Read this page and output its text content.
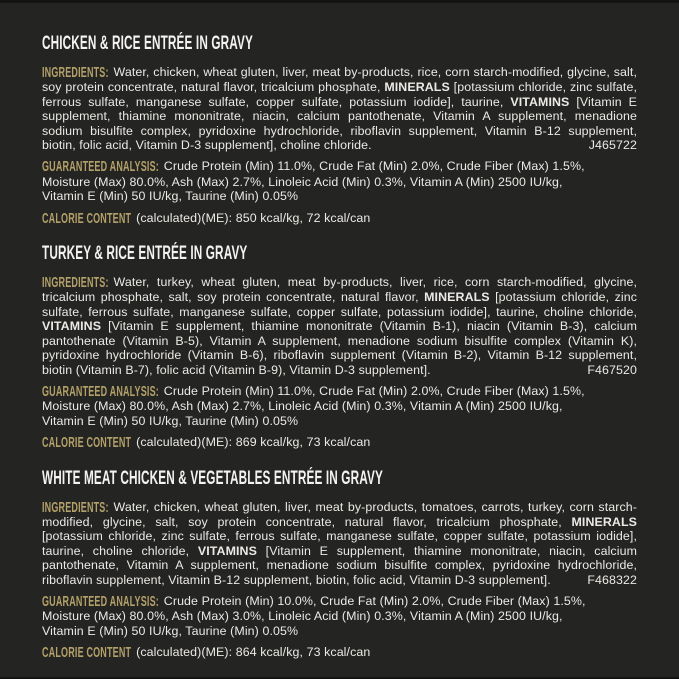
CHICKEN & RICE ENTRÉE IN GRAVY

INGREDIENTS: Water, chicken, wheat gluten, liver, meat by-products, rice, corn starch-modified, glycine, salt, soy protein concentrate, natural flavor, tricalcium phosphate, MINERALS [potassium chloride, zinc sulfate, ferrous sulfate, manganese sulfate, copper sulfate, potassium iodide], taurine, VITAMINS [Vitamin E supplement, thiamine mononitrate, niacin, calcium pantothenate, Vitamin A supplement, menadione sodium bisulfite complex, pyridoxine hydrochloride, riboflavin supplement, Vitamin B-12 supplement, biotin, folic acid, Vitamin D-3 supplement], choline chloride.	J465722

GUARANTEED ANALYSIS: Crude Protein (Min) 11.0%, Crude Fat (Min) 2.0%, Crude Fiber (Max) 1.5%,
Moisture (Max) 80.0%, Ash (Max) 2.7%, Linoleic Acid (Min) 0.3%, Vitamin A (Min) 2500 IU/kg,
Vitamin E (Min) 50 IU/kg, Taurine (Min) 0.05%

CALORIE CONTENT (calculated)(ME): 850 kcal/kg, 72 kcal/can

TURKEY & RICE ENTRÉE IN GRAVY

INGREDIENTS: Water, turkey, wheat gluten, meat by-products, liver, rice, corn starch-modified, glycine, tricalcium phosphate, salt, soy protein concentrate, natural flavor, MINERALS [potassium chloride, zinc sulfate, ferrous sulfate, manganese sulfate, copper sulfate, potassium iodide], taurine, choline chloride, VITAMINS [Vitamin E supplement, thiamine mononitrate (Vitamin B-1), niacin (Vitamin B-3), calcium pantothenate (Vitamin B-5), Vitamin A supplement, menadione sodium bisulfite complex (Vitamin K), pyridoxine hydrochloride (Vitamin B-6), riboflavin supplement (Vitamin B-2), Vitamin B-12 supplement, biotin (Vitamin B-7), folic acid (Vitamin B-9), Vitamin D-3 supplement].	F467520

GUARANTEED ANALYSIS: Crude Protein (Min) 11.0%, Crude Fat (Min) 2.0%, Crude Fiber (Max) 1.5%,
Moisture (Max) 80.0%, Ash (Max) 2.7%, Linoleic Acid (Min) 0.3%, Vitamin A (Min) 2500 IU/kg,
Vitamin E (Min) 50 IU/kg, Taurine (Min) 0.05%

CALORIE CONTENT (calculated)(ME): 869 kcal/kg, 73 kcal/can

WHITE MEAT CHICKEN & VEGETABLES ENTRÉE IN GRAVY

INGREDIENTS: Water, chicken, wheat gluten, liver, meat by-products, tomatoes, carrots, turkey, corn starch-modified, glycine, salt, soy protein concentrate, natural flavor, tricalcium phosphate, MINERALS [potassium chloride, zinc sulfate, ferrous sulfate, manganese sulfate, copper sulfate, potassium iodide], taurine, choline chloride, VITAMINS [Vitamin E supplement, thiamine mononitrate, niacin, calcium pantothenate, Vitamin A supplement, menadione sodium bisulfite complex, pyridoxine hydrochloride, riboflavin supplement, Vitamin B-12 supplement, biotin, folic acid, Vitamin D-3 supplement].	F468322

GUARANTEED ANALYSIS: Crude Protein (Min) 10.0%, Crude Fat (Min) 2.0%, Crude Fiber (Max) 1.5%,
Moisture (Max) 80.0%, Ash (Max) 3.0%, Linoleic Acid (Min) 0.3%, Vitamin A (Min) 2500 IU/kg,
Vitamin E (Min) 50 IU/kg, Taurine (Min) 0.05%

CALORIE CONTENT (calculated)(ME): 864 kcal/kg, 73 kcal/can
